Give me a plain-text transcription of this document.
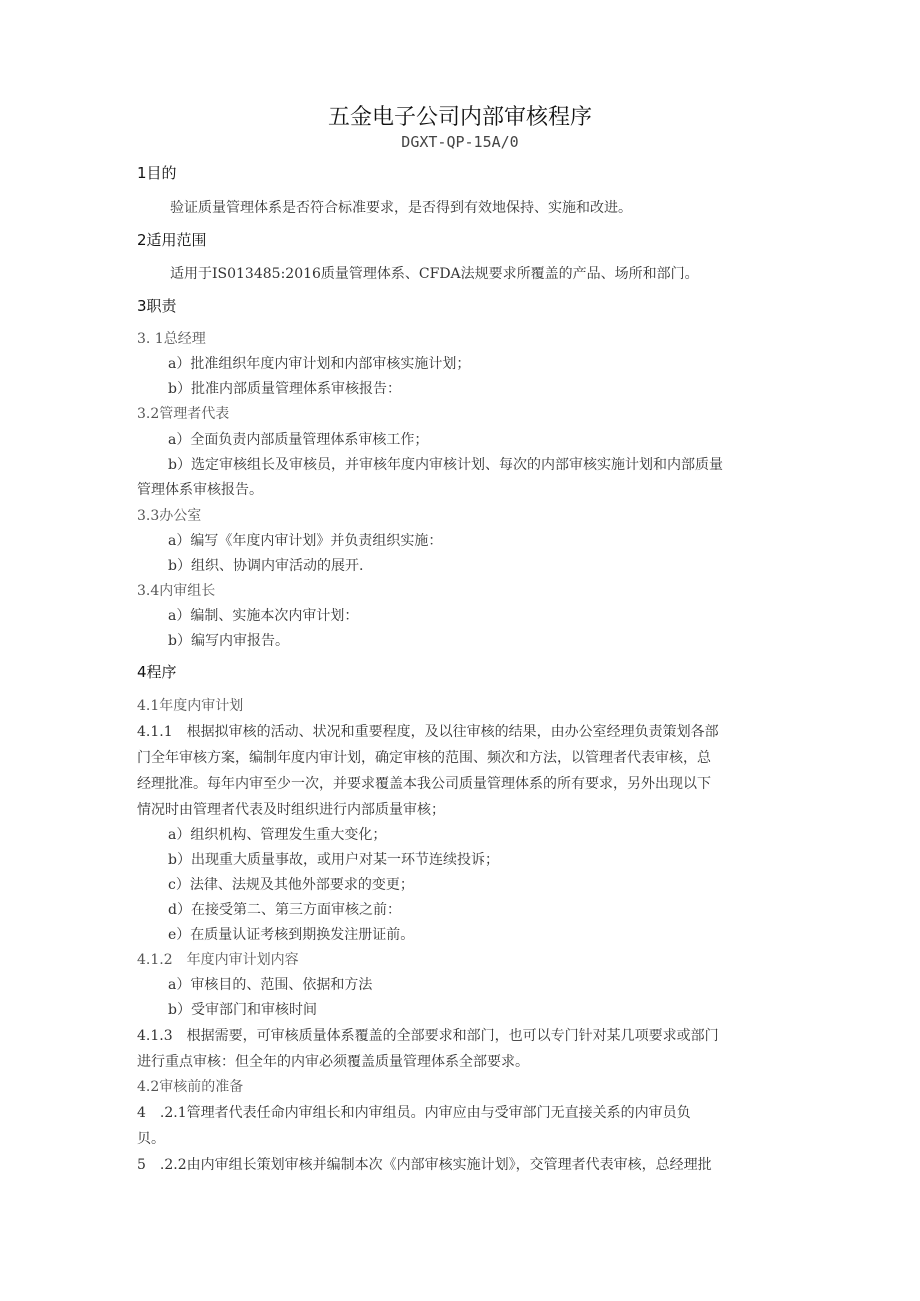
五金电子公司内部审核程序
DGXT-QP-15A/0
1目的
验证质量管理体系是否符合标准要求，是否得到有效地保持、实施和改进。
2适用范围
适用于IS013485:2016质量管理体系、CFDA法规要求所覆盖的产品、场所和部门。
3职责
3. 1总经理
a）批准组织年度内审计划和内部审核实施计划；
b）批准内部质量管理体系审核报告：
3.2管理者代表
a）全面负责内部质量管理体系审核工作；
b）选定审核组长及审核员，并审核年度内审核计划、每次的内部审核实施计划和内部质量
管理体系审核报告。
3.3办公室
a）编写《年度内审计划》并负责组织实施：
b）组织、协调内审活动的展开.
3.4内审组长
a）编制、实施本次内审计划：
b）编写内审报告。
4程序
4.1年度内审计划
4.1.1　根据拟审核的活动、状况和重要程度，及以往审核的结果，由办公室经理负责策划各部
门全年审核方案，编制年度内审计划，确定审核的范围、频次和方法，以管理者代表审核，总
经理批准。每年内审至少一次，并要求覆盖本我公司质量管理体系的所有要求，另外出现以下
情况时由管理者代表及时组织进行内部质量审核；
a）组织机构、管理发生重大变化；
b）出现重大质量事故，或用户对某一环节连续投诉；
c）法律、法规及其他外部要求的变更；
d）在接受第二、第三方面审核之前：
e）在质量认证考核到期换发注册证前。
4.1.2　年度内审计划内容
a）审核目的、范围、依据和方法
b）受审部门和审核时间
4.1.3　根据需要，可审核质量体系覆盖的全部要求和部门，也可以专门针对某几项要求或部门
进行重点审核：但全年的内审必须覆盖质量管理体系全部要求。
4.2审核前的准备
4　.2.1管理者代表任命内审组长和内审组员。内审应由与受审部门无直接关系的内审员负
贝。
5　.2.2由内审组长策划审核并编制本次《内部审核实施计划》，交管理者代表审核，总经理批
